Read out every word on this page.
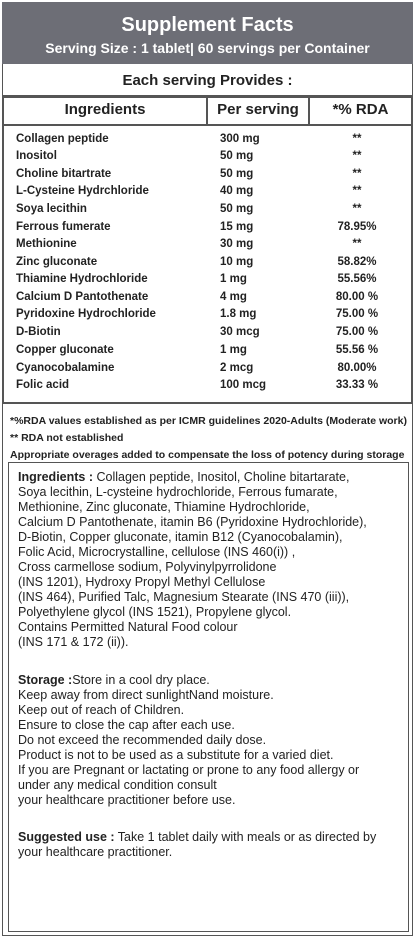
Supplement Facts
Serving Size : 1 tablet| 60 servings per Container
Each serving Provides :
Ingredients	Per serving	*% RDA
Collagen peptide	300 mg	**
Inositol	50 mg	**
Choline bitartrate	50 mg	**
L-Cysteine Hydrchloride	40 mg	**
Soya lecithin	50 mg	**
Ferrous fumerate	15 mg	78.95%
Methionine	30 mg	**
Zinc gluconate	10 mg	58.82%
Thiamine Hydrochloride	1 mg	55.56%
Calcium D Pantothenate	4 mg	80.00 %
Pyridoxine Hydrochloride	1.8 mg	75.00 %
D-Biotin	30 mcg	75.00 %
Copper gluconate	1 mg	55.56 %
Cyanocobalamine	2 mcg	80.00%
Folic acid	100 mcg	33.33 %
*%RDA values established as per ICMR guidelines 2020-Adults (Moderate work)
** RDA not established
Appropriate overages added to compensate the loss of potency during storage
Ingredients : Collagen peptide, Inositol, Choline bitartarate,
Soya lecithin, L-cysteine hydrochloride, Ferrous fumarate,
Methionine, Zinc gluconate, Thiamine Hydrochloride,
Calcium D Pantothenate, itamin B6 (Pyridoxine Hydrochloride),
D-Biotin, Copper gluconate, itamin B12 (Cyanocobalamin),
Folic Acid, Microcrystalline, cellulose (INS 460(i)) ,
Cross carmellose sodium, Polyvinylpyrrolidone
(INS 1201), Hydroxy Propyl Methyl Cellulose
(INS 464), Purified Talc, Magnesium Stearate (INS 470 (iii)),
Polyethylene glycol (INS 1521), Propylene glycol.
Contains Permitted Natural Food colour
(INS 171 & 172 (ii)).
Storage :Store in a cool dry place.
Keep away from direct sunlightNand moisture.
Keep out of reach of Children.
Ensure to close the cap after each use.
Do not exceed the recommended daily dose.
Product is not to be used as a substitute for a varied diet.
If you are Pregnant or lactating or prone to any food allergy or
under any medical condition consult
your healthcare practitioner before use.
Suggested use : Take 1 tablet daily with meals or as directed by
your healthcare practitioner.
